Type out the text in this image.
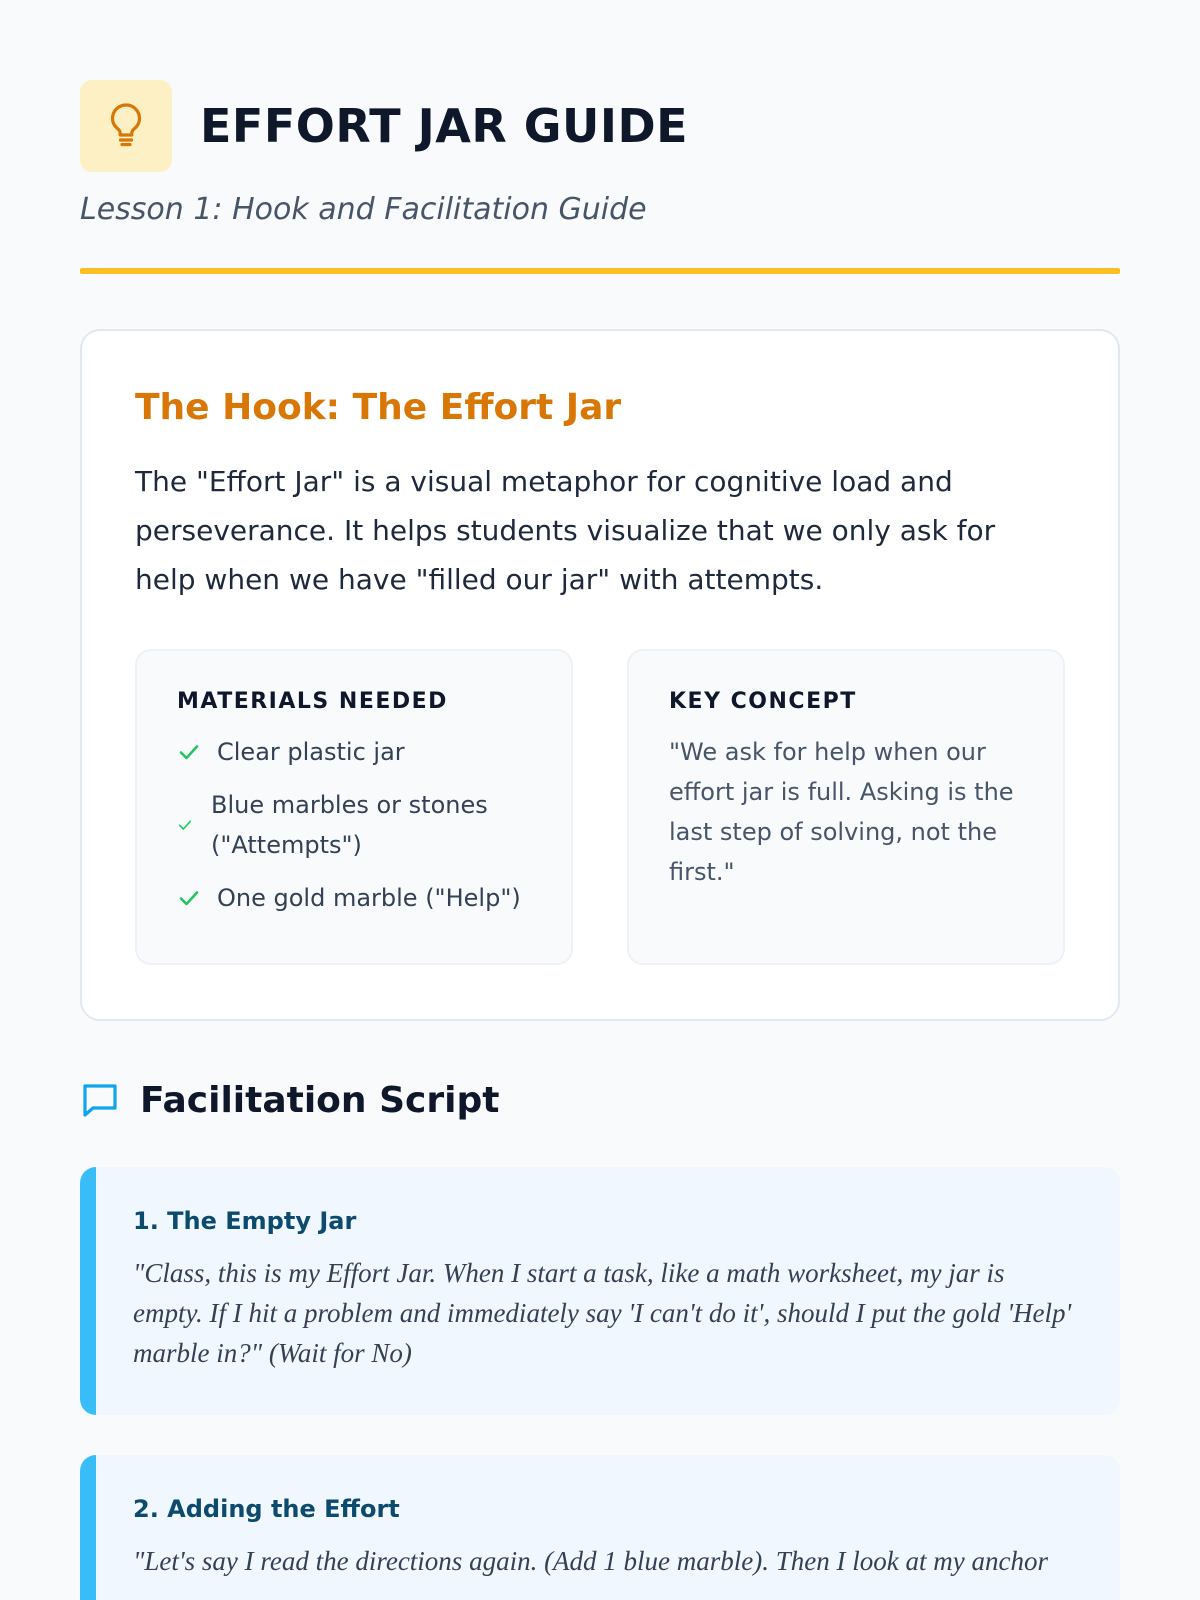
EFFORT JAR GUIDE
Lesson 1: Hook and Facilitation Guide
The Hook: The Effort Jar

The "Effort Jar" is a visual metaphor for cognitive load and perseverance. It helps students visualize that we only ask for help when we have "filled our jar" with attempts.

MATERIALS NEEDED
Clear plastic jar
Blue marbles or stones ("Attempts")
One gold marble ("Help")
KEY CONCEPT

"We ask for help when our effort jar is full. Asking is the last step of solving, not the first."

Facilitation Script
1. The Empty Jar

"Class, this is my Effort Jar. When I start a task, like a math worksheet, my jar is empty. If I hit a problem and immediately say 'I can't do it', should I put the gold 'Help' marble in?" (Wait for No)

2. Adding the Effort

"Let's say I read the directions again. (Add 1 blue marble). Then I look at my anchor
